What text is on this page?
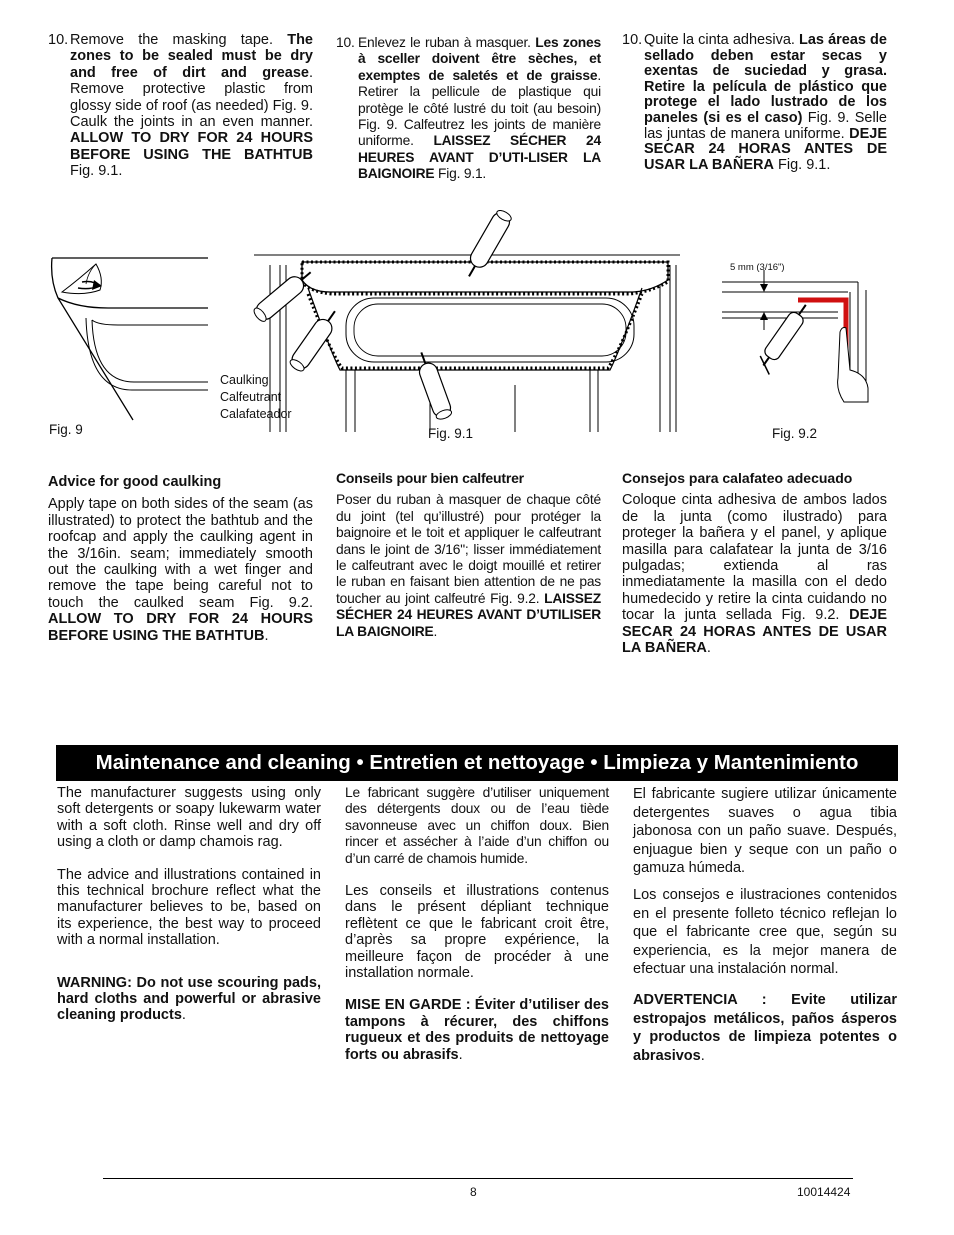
10. Remove the masking tape. The zones to be sealed must be dry and free of dirt and grease. Remove protective plastic from glossy side of roof (as needed) Fig. 9. Caulk the joints in an even manner. ALLOW TO DRY FOR 24 HOURS BEFORE USING THE BATHTUB Fig. 9.1.

10. Enlevez le ruban à masquer. Les zones à sceller doivent être sèches, et exemptes de saletés et de graisse. Retirer la pellicule de plastique qui protège le côté lustré du toit (au besoin) Fig. 9. Calfeutrez les joints de manière uniforme. LAISSEZ SÉCHER 24 HEURES AVANT D’UTI-LISER LA BAIGNOIRE Fig. 9.1.

10. Quite la cinta adhesiva. Las áreas de sellado deben estar secas y exentas de suciedad y grasa. Retire la película de plástico que protege el lado lustrado de los paneles (si es el caso) Fig. 9. Selle las juntas de manera uniforme. DEJE SECAR 24 HORAS ANTES DE USAR LA BAÑERA Fig. 9.1.

Fig. 9
Caulking
Calfeutrant
Calafateador
Fig. 9.1
5 mm (3/16")
Fig. 9.2
Advice for good caulking

Apply tape on both sides of the seam (as illustrated) to protect the bathtub and the roofcap and apply the caulking agent in the 3/16in. seam; immediately smooth out the caulking with a wet finger and remove the tape being careful not to touch the caulked seam Fig. 9.2. ALLOW TO DRY FOR 24 HOURS BEFORE USING THE BATHTUB.

Conseils pour bien calfeutrer

Poser du ruban à masquer de chaque côté du joint (tel qu’illustré) pour protéger la baignoire et le toit et appliquer le calfeutrant dans le joint de 3/16"; lisser immédiatement le calfeutrant avec le doigt mouillé et retirer le ruban en faisant bien attention de ne pas toucher au joint calfeutré Fig. 9.2. LAISSEZ SÉCHER 24 HEURES AVANT D’UTILISER LA BAIGNOIRE.

Consejos para calafateo adecuado

Coloque cinta adhesiva de ambos lados de la junta (como ilustrado) para proteger la bañera y el panel, y aplique masilla para calafatear la junta de 3/16 pulgadas; extienda al ras inmediatamente la masilla con el dedo humedecido y retire la cinta cuidando no tocar la junta sellada Fig. 9.2. DEJE SECAR 24 HORAS ANTES DE USAR LA BAÑERA.

Maintenance and cleaning • Entretien et nettoyage • Limpieza y Mantenimiento

The manufacturer suggests using only soft detergents or soapy lukewarm water with a soft cloth. Rinse well and dry off using a cloth or damp chamois rag.

The advice and illustrations contained in this technical brochure reflect what the manufacturer believes to be, based on its experience, the best way to proceed with a normal installation.

WARNING: Do not use scouring pads, hard cloths and powerful or abrasive cleaning products.

Le fabricant suggère d’utiliser uniquement des détergents doux ou de l’eau tiède savonneuse avec un chiffon doux. Bien rincer et assécher à l’aide d’un chiffon ou d’un carré de chamois humide.

Les conseils et illustrations contenus dans le présent dépliant technique reflètent ce que le fabricant croit être, d’après sa propre expérience, la meilleure façon de procéder à une installation normale.

MISE EN GARDE : Éviter d’utiliser des tampons à récurer, des chiffons rugueux et des produits de nettoyage forts ou abrasifs.

El fabricante sugiere utilizar únicamente detergentes suaves o agua tibia jabonosa con un paño suave. Después, enjuague bien y seque con un paño o gamuza húmeda.

Los consejos e ilustraciones contenidos en el presente folleto técnico reflejan lo que el fabricante cree que, según su experiencia, es la mejor manera de efectuar una instalación normal.

ADVERTENCIA : Evite utilizar estropajos metálicos, paños ásperos y productos de limpieza potentes o abrasivos.

8	10014424
